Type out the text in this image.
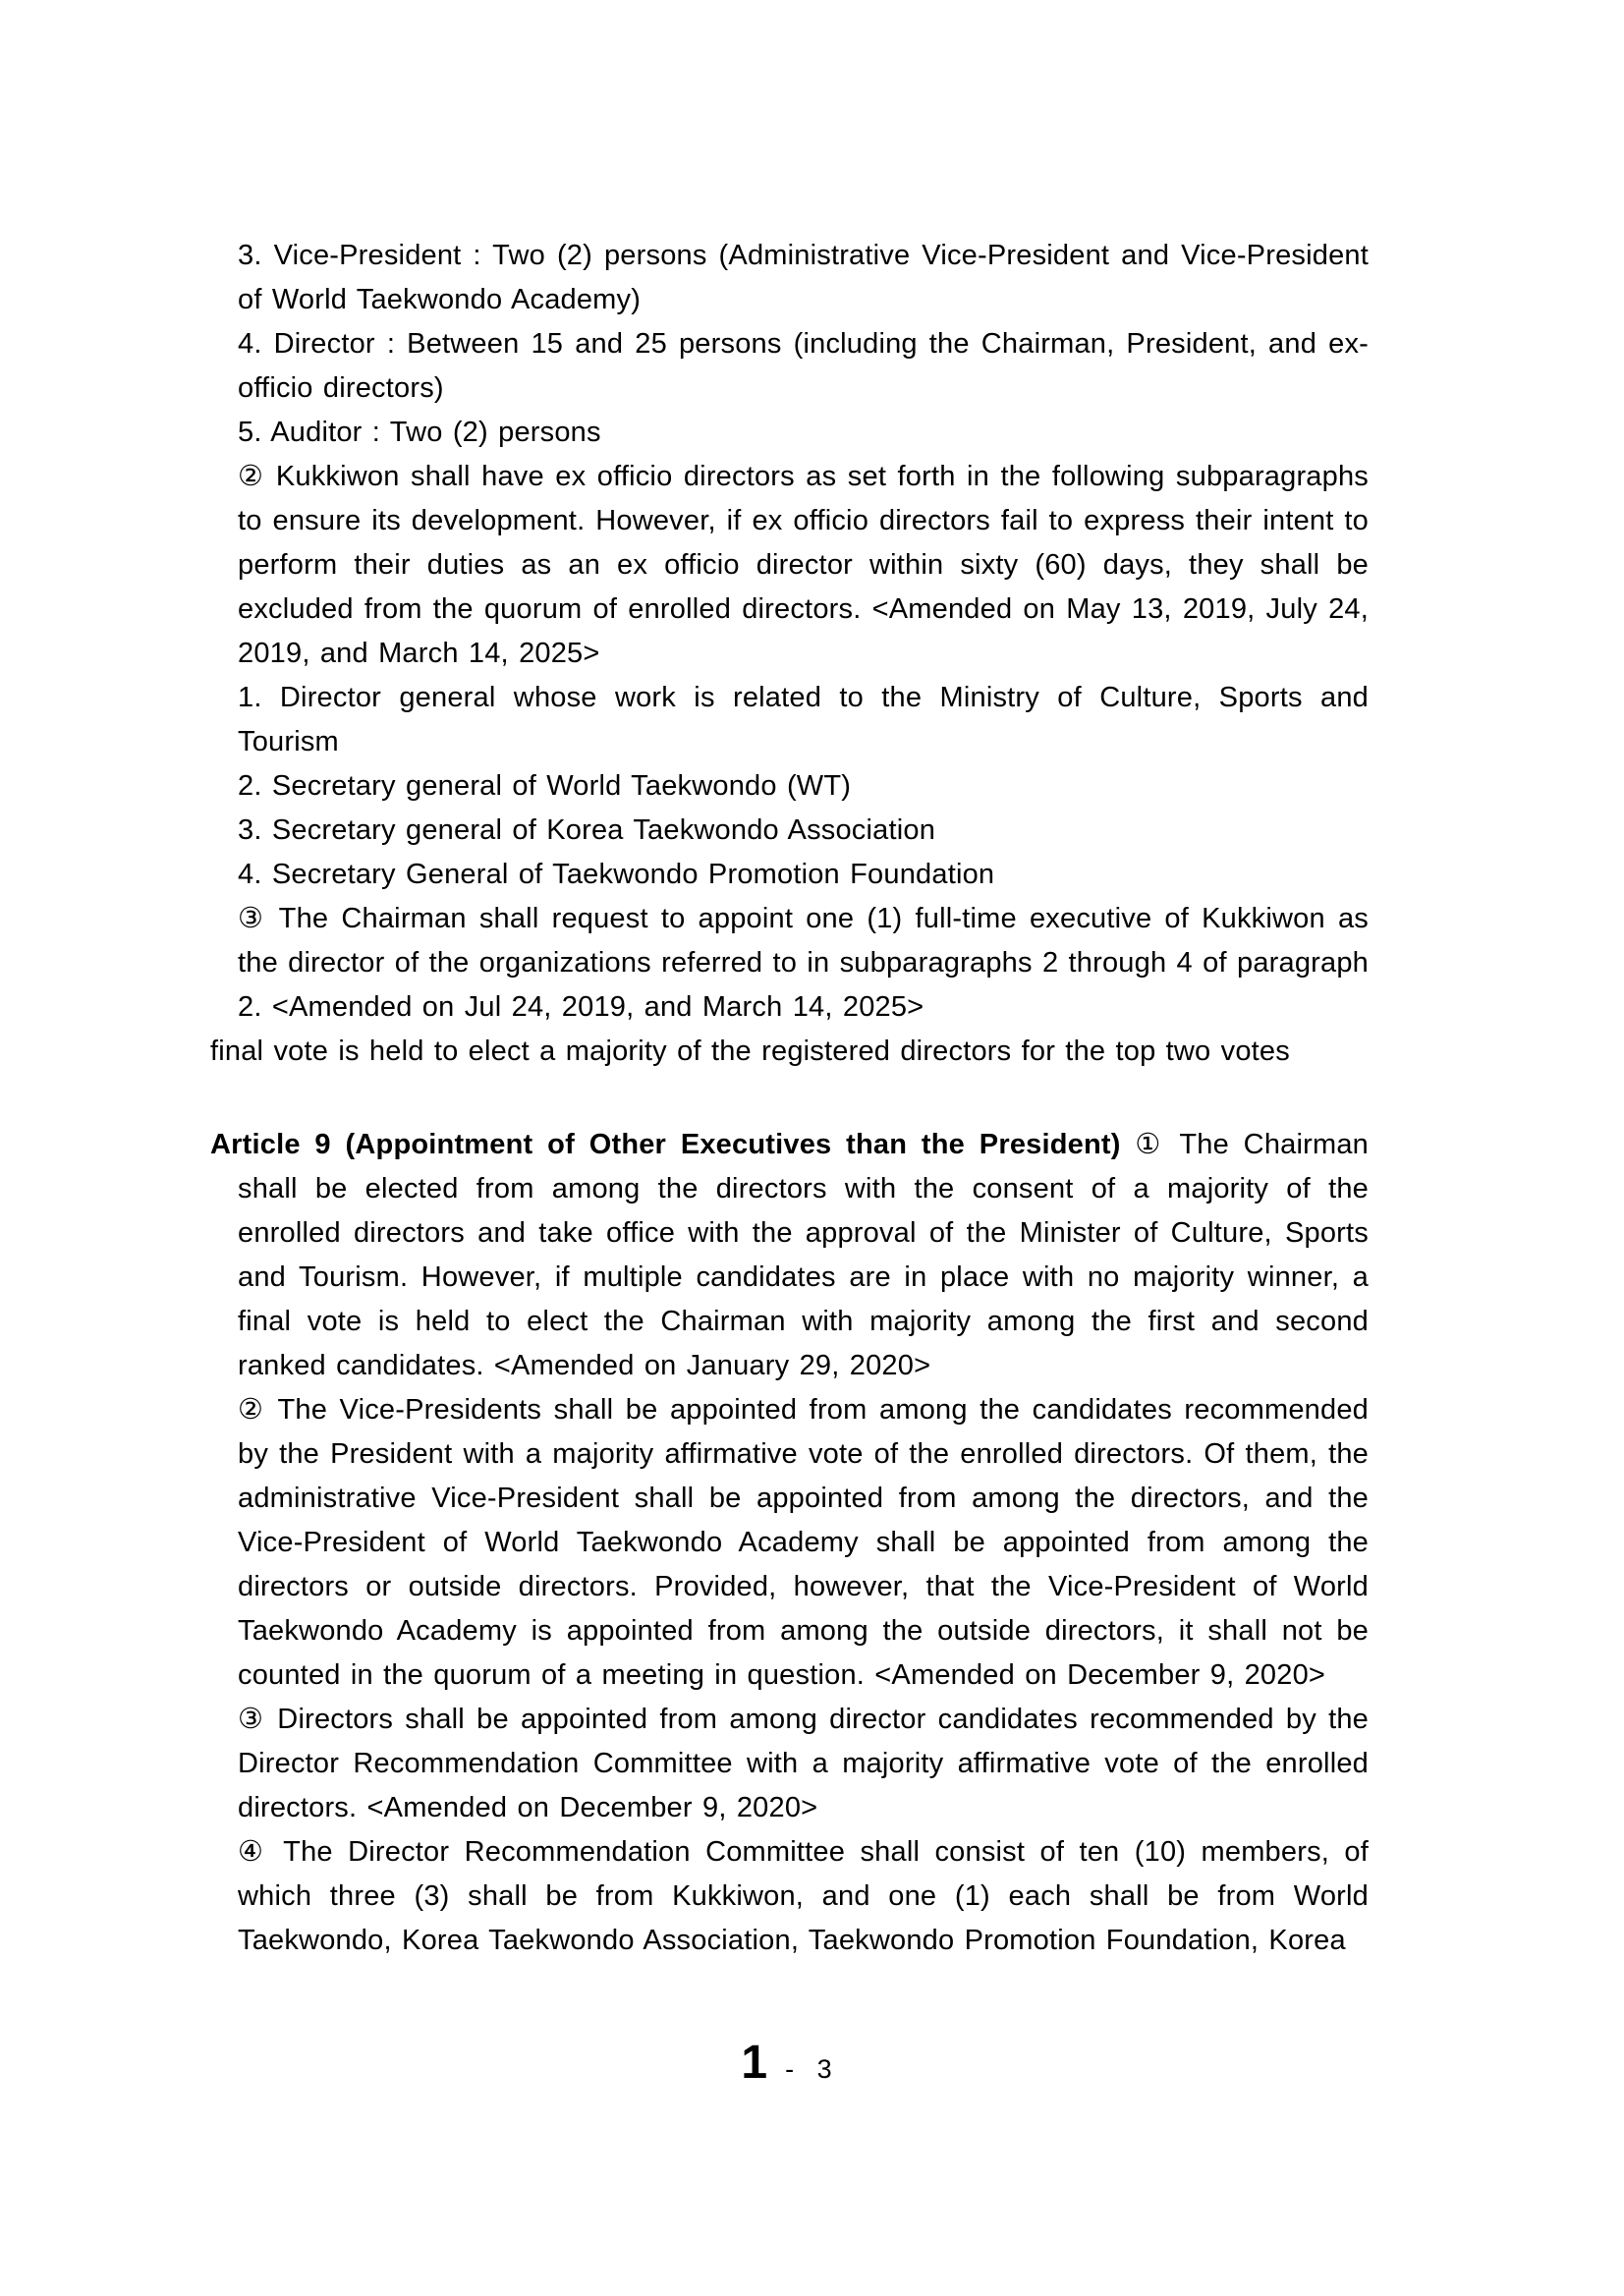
3. Vice-President : Two (2) persons (Administrative Vice-President and Vice-President of World Taekwondo Academy)

4. Director : Between 15 and 25 persons (including the Chairman, President, and ex-officio directors)

5. Auditor : Two (2) persons

② Kukkiwon shall have ex officio directors as set forth in the following subparagraphs to ensure its development. However, if ex officio directors fail to express their intent to perform their duties as an ex officio director within sixty (60) days, they shall be excluded from the quorum of enrolled directors. <Amended on May 13, 2019, July 24, 2019, and March 14, 2025>

1. Director general whose work is related to the Ministry of Culture, Sports and Tourism

2. Secretary general of World Taekwondo (WT)

3. Secretary general of Korea Taekwondo Association

4. Secretary General of Taekwondo Promotion Foundation

③ The Chairman shall request to appoint one (1) full-time executive of Kukkiwon as the director of the organizations referred to in subparagraphs 2 through 4 of paragraph 2. <Amended on Jul 24, 2019, and March 14, 2025>

final vote is held to elect a majority of the registered directors for the top two votes

Article 9 (Appointment of Other Executives than the President) ① The Chairman shall be elected from among the directors with the consent of a majority of the enrolled directors and take office with the approval of the Minister of Culture, Sports and Tourism. However, if multiple candidates are in place with no majority winner, a final vote is held to elect the Chairman with majority among the first and second ranked candidates. <Amended on January 29, 2020>

② The Vice-Presidents shall be appointed from among the candidates recommended by the President with a majority affirmative vote of the enrolled directors. Of them, the administrative Vice-President shall be appointed from among the directors, and the Vice-President of World Taekwondo Academy shall be appointed from among the directors or outside directors. Provided, however, that the Vice-President of World Taekwondo Academy is appointed from among the outside directors, it shall not be counted in the quorum of a meeting in question. <Amended on December 9, 2020>

③ Directors shall be appointed from among director candidates recommended by the Director Recommendation Committee with a majority affirmative vote of the enrolled directors. <Amended on December 9, 2020>

④ The Director Recommendation Committee shall consist of ten (10) members, of which three (3) shall be from Kukkiwon, and one (1) each shall be from World Taekwondo, Korea Taekwondo Association, Taekwondo Promotion Foundation, Korea

1 - 3
